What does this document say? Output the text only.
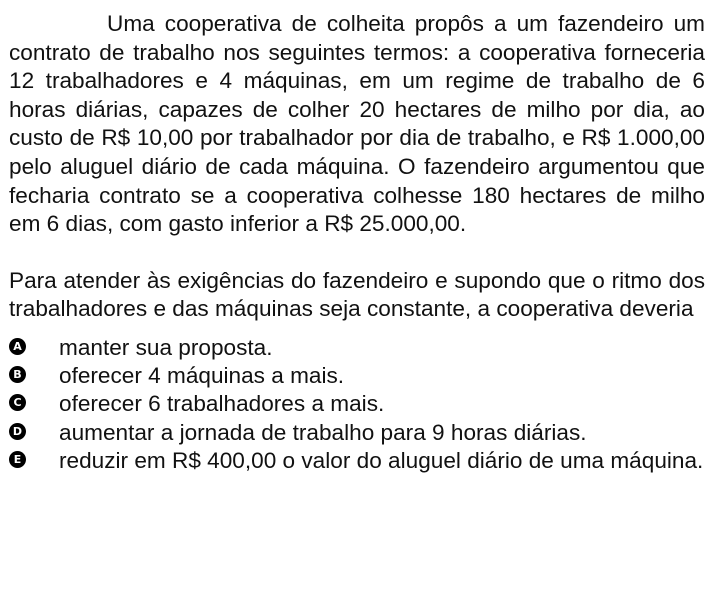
Uma cooperativa de colheita propôs a um fazendeiro um contrato de trabalho nos seguintes termos: a cooperativa forneceria 12 trabalhadores e 4 máquinas, em um regime de trabalho de 6 horas diárias, capazes de colher 20 hectares de milho por dia, ao custo de R$ 10,00 por trabalhador por dia de trabalho, e R$ 1.000,00 pelo aluguel diário de cada máquina. O fazendeiro argumentou que fecharia contrato se a cooperativa colhesse 180 hectares de milho em 6 dias, com gasto inferior a R$ 25.000,00.

Para atender às exigências do fazendeiro e supondo que o ritmo dos trabalhadores e das máquinas seja constante, a cooperativa deveria

A manter sua proposta.
B oferecer 4 máquinas a mais.
C oferecer 6 trabalhadores a mais.
D aumentar a jornada de trabalho para 9 horas diárias.
E reduzir em R$ 400,00 o valor do aluguel diário de uma máquina.
